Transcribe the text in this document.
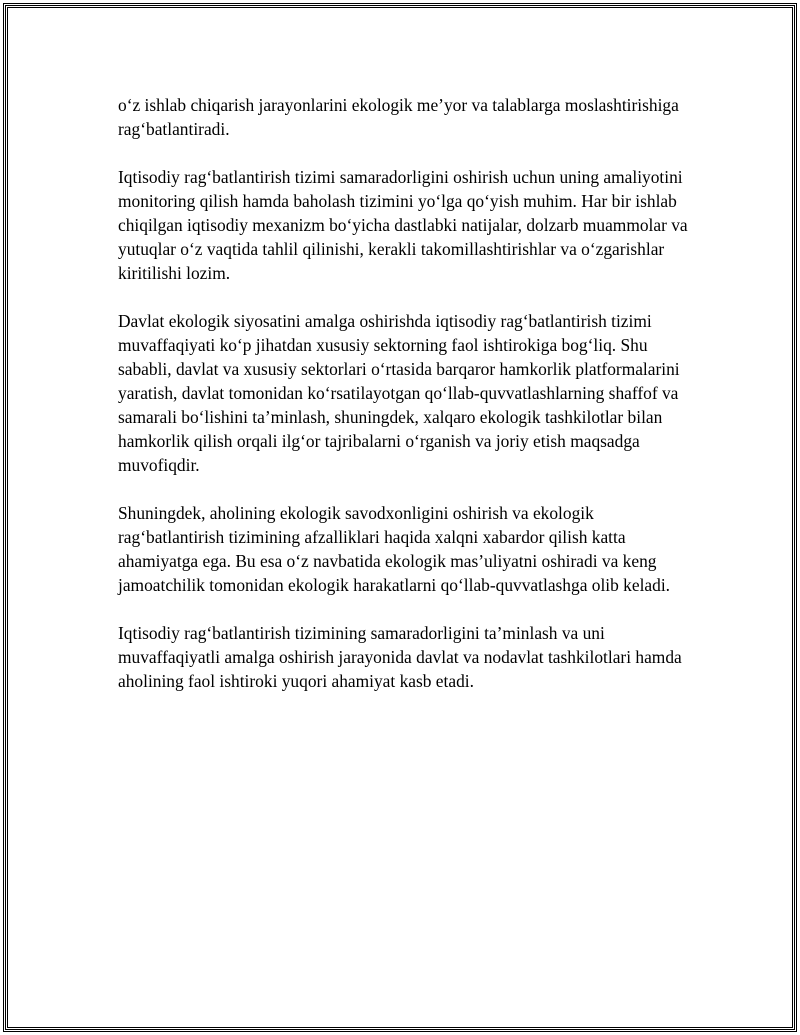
o‘z ishlab chiqarish jarayonlarini ekologik me’yor va talablarga moslashtirishiga rag‘batlantiradi.

Iqtisodiy rag‘batlantirish tizimi samaradorligini oshirish uchun uning amaliyotini monitoring qilish hamda baholash tizimini yo‘lga qo‘yish muhim. Har bir ishlab chiqilgan iqtisodiy mexanizm bo‘yicha dastlabki natijalar, dolzarb muammolar va yutuqlar o‘z vaqtida tahlil qilinishi, kerakli takomillashtirishlar va o‘zgarishlar kiritilishi lozim.

Davlat ekologik siyosatini amalga oshirishda iqtisodiy rag‘batlantirish tizimi muvaffaqiyati ko‘p jihatdan xususiy sektorning faol ishtirokiga bog‘liq. Shu sababli, davlat va xususiy sektorlari o‘rtasida barqaror hamkorlik platformalarini yaratish, davlat tomonidan ko‘rsatilayotgan qo‘llab-quvvatlashlarning shaffof va samarali bo‘lishini ta’minlash, shuningdek, xalqaro ekologik tashkilotlar bilan hamkorlik qilish orqali ilg‘or tajribalarni o‘rganish va joriy etish maqsadga muvofiqdir.

Shuningdek, aholining ekologik savodxonligini oshirish va ekologik rag‘batlantirish tizimining afzalliklari haqida xalqni xabardor qilish katta ahamiyatga ega. Bu esa o‘z navbatida ekologik mas’uliyatni oshiradi va keng jamoatchilik tomonidan ekologik harakatlarni qo‘llab-quvvatlashga olib keladi.

Iqtisodiy rag‘batlantirish tizimining samaradorligini ta’minlash va uni muvaffaqiyatli amalga oshirish jarayonida davlat va nodavlat tashkilotlari hamda aholining faol ishtiroki yuqori ahamiyat kasb etadi.
